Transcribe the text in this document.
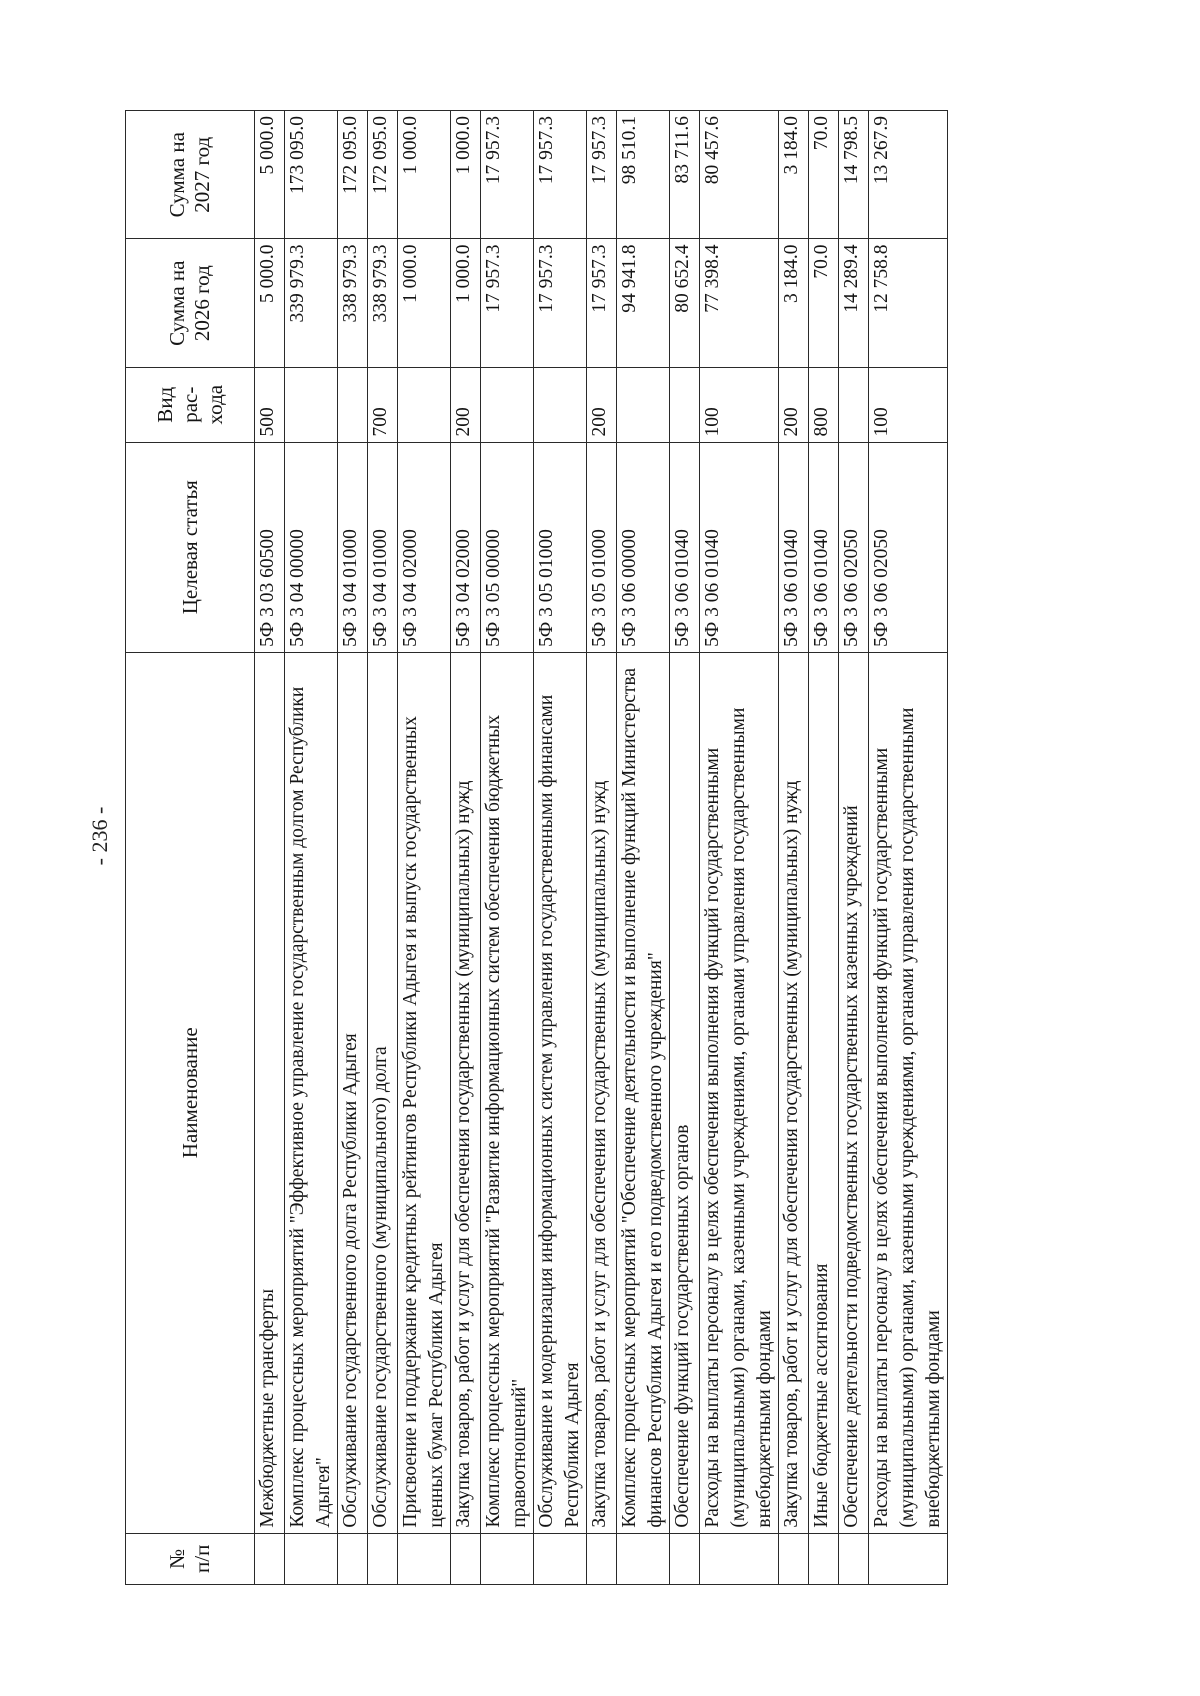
- 236 -
№ п/п	Наименование	Целевая статья	Вид рас- хода	Сумма на 2026 год	Сумма на 2027 год
	Межбюджетные трансферты	5Ф 3 03 60500	500	5 000.0	5 000.0
	Комплекс процессных мероприятий "Эффективное управление государственным долгом Республики Адыгея"	5Ф 3 04 00000		339 979.3	173 095.0
	Обслуживание государственного долга Республики Адыгея	5Ф 3 04 01000		338 979.3	172 095.0
	Обслуживание государственного (муниципального) долга	5Ф 3 04 01000	700	338 979.3	172 095.0
	Присвоение и поддержание кредитных рейтингов Республики Адыгея и выпуск государственных ценных бумаг Республики Адыгея	5Ф 3 04 02000		1 000.0	1 000.0
	Закупка товаров, работ и услуг для обеспечения государственных (муниципальных) нужд	5Ф 3 04 02000	200	1 000.0	1 000.0
	Комплекс процессных мероприятий "Развитие информационных систем обеспечения бюджетных правоотношений"	5Ф 3 05 00000		17 957.3	17 957.3
	Обслуживание и модернизация информационных систем управления государственными финансами Республики Адыгея	5Ф 3 05 01000		17 957.3	17 957.3
	Закупка товаров, работ и услуг для обеспечения государственных (муниципальных) нужд	5Ф 3 05 01000	200	17 957.3	17 957.3
	Комплекс процессных мероприятий "Обеспечение деятельности и выполнение функций Министерства финансов Республики Адыгея и его подведомственного учреждения"	5Ф 3 06 00000		94 941.8	98 510.1
	Обеспечение функций государственных органов	5Ф 3 06 01040		80 652.4	83 711.6
	Расходы на выплаты персоналу в целях обеспечения выполнения функций государственными (муниципальными) органами, казенными учреждениями, органами управления государственными внебюджетными фондами	5Ф 3 06 01040	100	77 398.4	80 457.6
	Закупка товаров, работ и услуг для обеспечения государственных (муниципальных) нужд	5Ф 3 06 01040	200	3 184.0	3 184.0
	Иные бюджетные ассигнования	5Ф 3 06 01040	800	70.0	70.0
	Обеспечение деятельности подведомственных государственных казенных учреждений	5Ф 3 06 02050		14 289.4	14 798.5
	Расходы на выплаты персоналу в целях обеспечения выполнения функций государственными (муниципальными) органами, казенными учреждениями, органами управления государственными внебюджетными фондами	5Ф 3 06 02050	100	12 758.8	13 267.9
